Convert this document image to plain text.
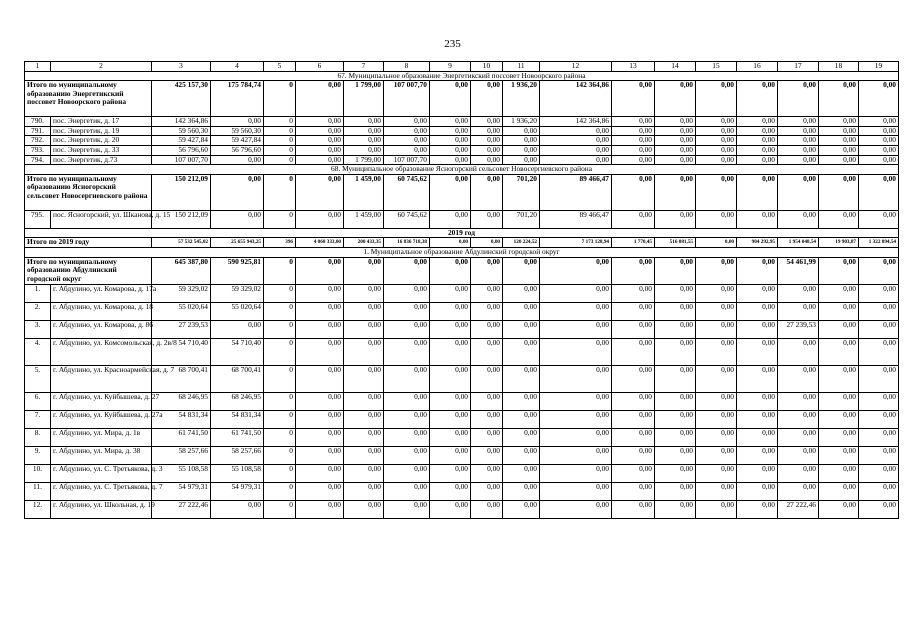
235
1	2	3	4	5	6	7	8	9	10	11	12	13	14	15	16	17	18	19
67. Муниципальное образование Энергетикский поссовет Новоорского района																		
Итого по муниципальному образованию Энергетикский поссовет Новоорского района		425 157,30	175 784,74	0	0,00	1 799,00	107 007,70	0,00	0,00	1 936,20	142 364,86	0,00	0,00	0,00	0,00	0,00	0,00	0,00
790.	пос. Энергетик, д. 17	142 364,86	0,00	0	0,00	0,00	0,00	0,00	0,00	1 936,20	142 364,86	0,00	0,00	0,00	0,00	0,00	0,00	0,00
791.	пос. Энергетик, д. 19	59 560,30	59 560,30	0	0,00	0,00	0,00	0,00	0,00	0,00	0,00	0,00	0,00	0,00	0,00	0,00	0,00	0,00
792.	пос. Энергетик, д. 20	59 427,84	59 427,84	0	0,00	0,00	0,00	0,00	0,00	0,00	0,00	0,00	0,00	0,00	0,00	0,00	0,00	0,00
793.	пос. Энергетик, д. 33	56 796,60	56 796,60	0	0,00	0,00	0,00	0,00	0,00	0,00	0,00	0,00	0,00	0,00	0,00	0,00	0,00	0,00
794.	пос. Энергетик, д.73	107 007,70	0,00	0	0,00	1 799,00	107 007,70	0,00	0,00	0,00	0,00	0,00	0,00	0,00	0,00	0,00	0,00	0,00
68. Муниципальное образование Ясногорский сельсовет Новосергиевского района																		
Итого по муниципальному образованию Ясногорский сельсовет Новосергиевского района		150 212,09	0,00	0	0,00	1 459,00	60 745,62	0,00	0,00	701,20	89 466,47	0,00	0,00	0,00	0,00	0,00	0,00	0,00
795.	пос. Ясногорский, ул. Шканова, д. 15	150 212,09	0,00	0	0,00	1 459,00	60 745,62	0,00	0,00	701,20	89 466,47	0,00	0,00	0,00	0,00	0,00	0,00	0,00
2019 год																		
Итого по 2019 году		57 532 545,02	25 655 943,25	396	4 068 333,00	200 433,35	16 836 718,38	0,00	0,00	120 224,52	7 173 128,94	1 770,45	516 081,55	0,00	904 292,95	1 954 048,54	19 903,87	1 322 094,54
1. Муниципальное образование Абдулинский городской округ																		
Итого по муниципальному образованию Абдулинский городской округ		645 387,80	590 925,81	0	0,00	0,00	0,00	0,00	0,00	0,00	0,00	0,00	0,00	0,00	0,00	54 461,99	0,00	0,00
1.	г. Абдулино, ул. Комарова, д. 17а	59 329,02	59 329,02	0	0,00	0,00	0,00	0,00	0,00	0,00	0,00	0,00	0,00	0,00	0,00	0,00	0,00	0,00
2.	г. Абдулино, ул. Комарова, д. 18	55 020,64	55 020,64	0	0,00	0,00	0,00	0,00	0,00	0,00	0,00	0,00	0,00	0,00	0,00	0,00	0,00	0,00
3.	г. Абдулино, ул. Комарова, д. 86	27 239,53	0,00	0	0,00	0,00	0,00	0,00	0,00	0,00	0,00	0,00	0,00	0,00	0,00	27 239,53	0,00	0,00
4.	г. Абдулино, ул. Комсомольская, д. 2в/8	54 710,40	54 710,40	0	0,00	0,00	0,00	0,00	0,00	0,00	0,00	0,00	0,00	0,00	0,00	0,00	0,00	0,00
5.	г. Абдулино, ул. Красноармейская, д. 7	68 700,41	68 700,41	0	0,00	0,00	0,00	0,00	0,00	0,00	0,00	0,00	0,00	0,00	0,00	0,00	0,00	0,00
6.	г. Абдулино, ул. Куйбышева, д. 27	68 246,95	68 246,95	0	0,00	0,00	0,00	0,00	0,00	0,00	0,00	0,00	0,00	0,00	0,00	0,00	0,00	0,00
7.	г. Абдулино, ул. Куйбышева, д. 27а	54 831,34	54 831,34	0	0,00	0,00	0,00	0,00	0,00	0,00	0,00	0,00	0,00	0,00	0,00	0,00	0,00	0,00
8.	г. Абдулино, ул. Мира, д. 1в	61 741,50	61 741,50	0	0,00	0,00	0,00	0,00	0,00	0,00	0,00	0,00	0,00	0,00	0,00	0,00	0,00	0,00
9.	г. Абдулино, ул. Мира, д. 38	58 257,66	58 257,66	0	0,00	0,00	0,00	0,00	0,00	0,00	0,00	0,00	0,00	0,00	0,00	0,00	0,00	0,00
10.	г. Абдулино, ул. С. Третьякова, д. 3	55 108,58	55 108,58	0	0,00	0,00	0,00	0,00	0,00	0,00	0,00	0,00	0,00	0,00	0,00	0,00	0,00	0,00
11.	г. Абдулино, ул. С. Третьякова, д. 7	54 979,31	54 979,31	0	0,00	0,00	0,00	0,00	0,00	0,00	0,00	0,00	0,00	0,00	0,00	0,00	0,00	0,00
12.	г. Абдулино, ул. Школьная, д. 19	27 222,46	0,00	0	0,00	0,00	0,00	0,00	0,00	0,00	0,00	0,00	0,00	0,00	0,00	27 222,46	0,00	0,00
